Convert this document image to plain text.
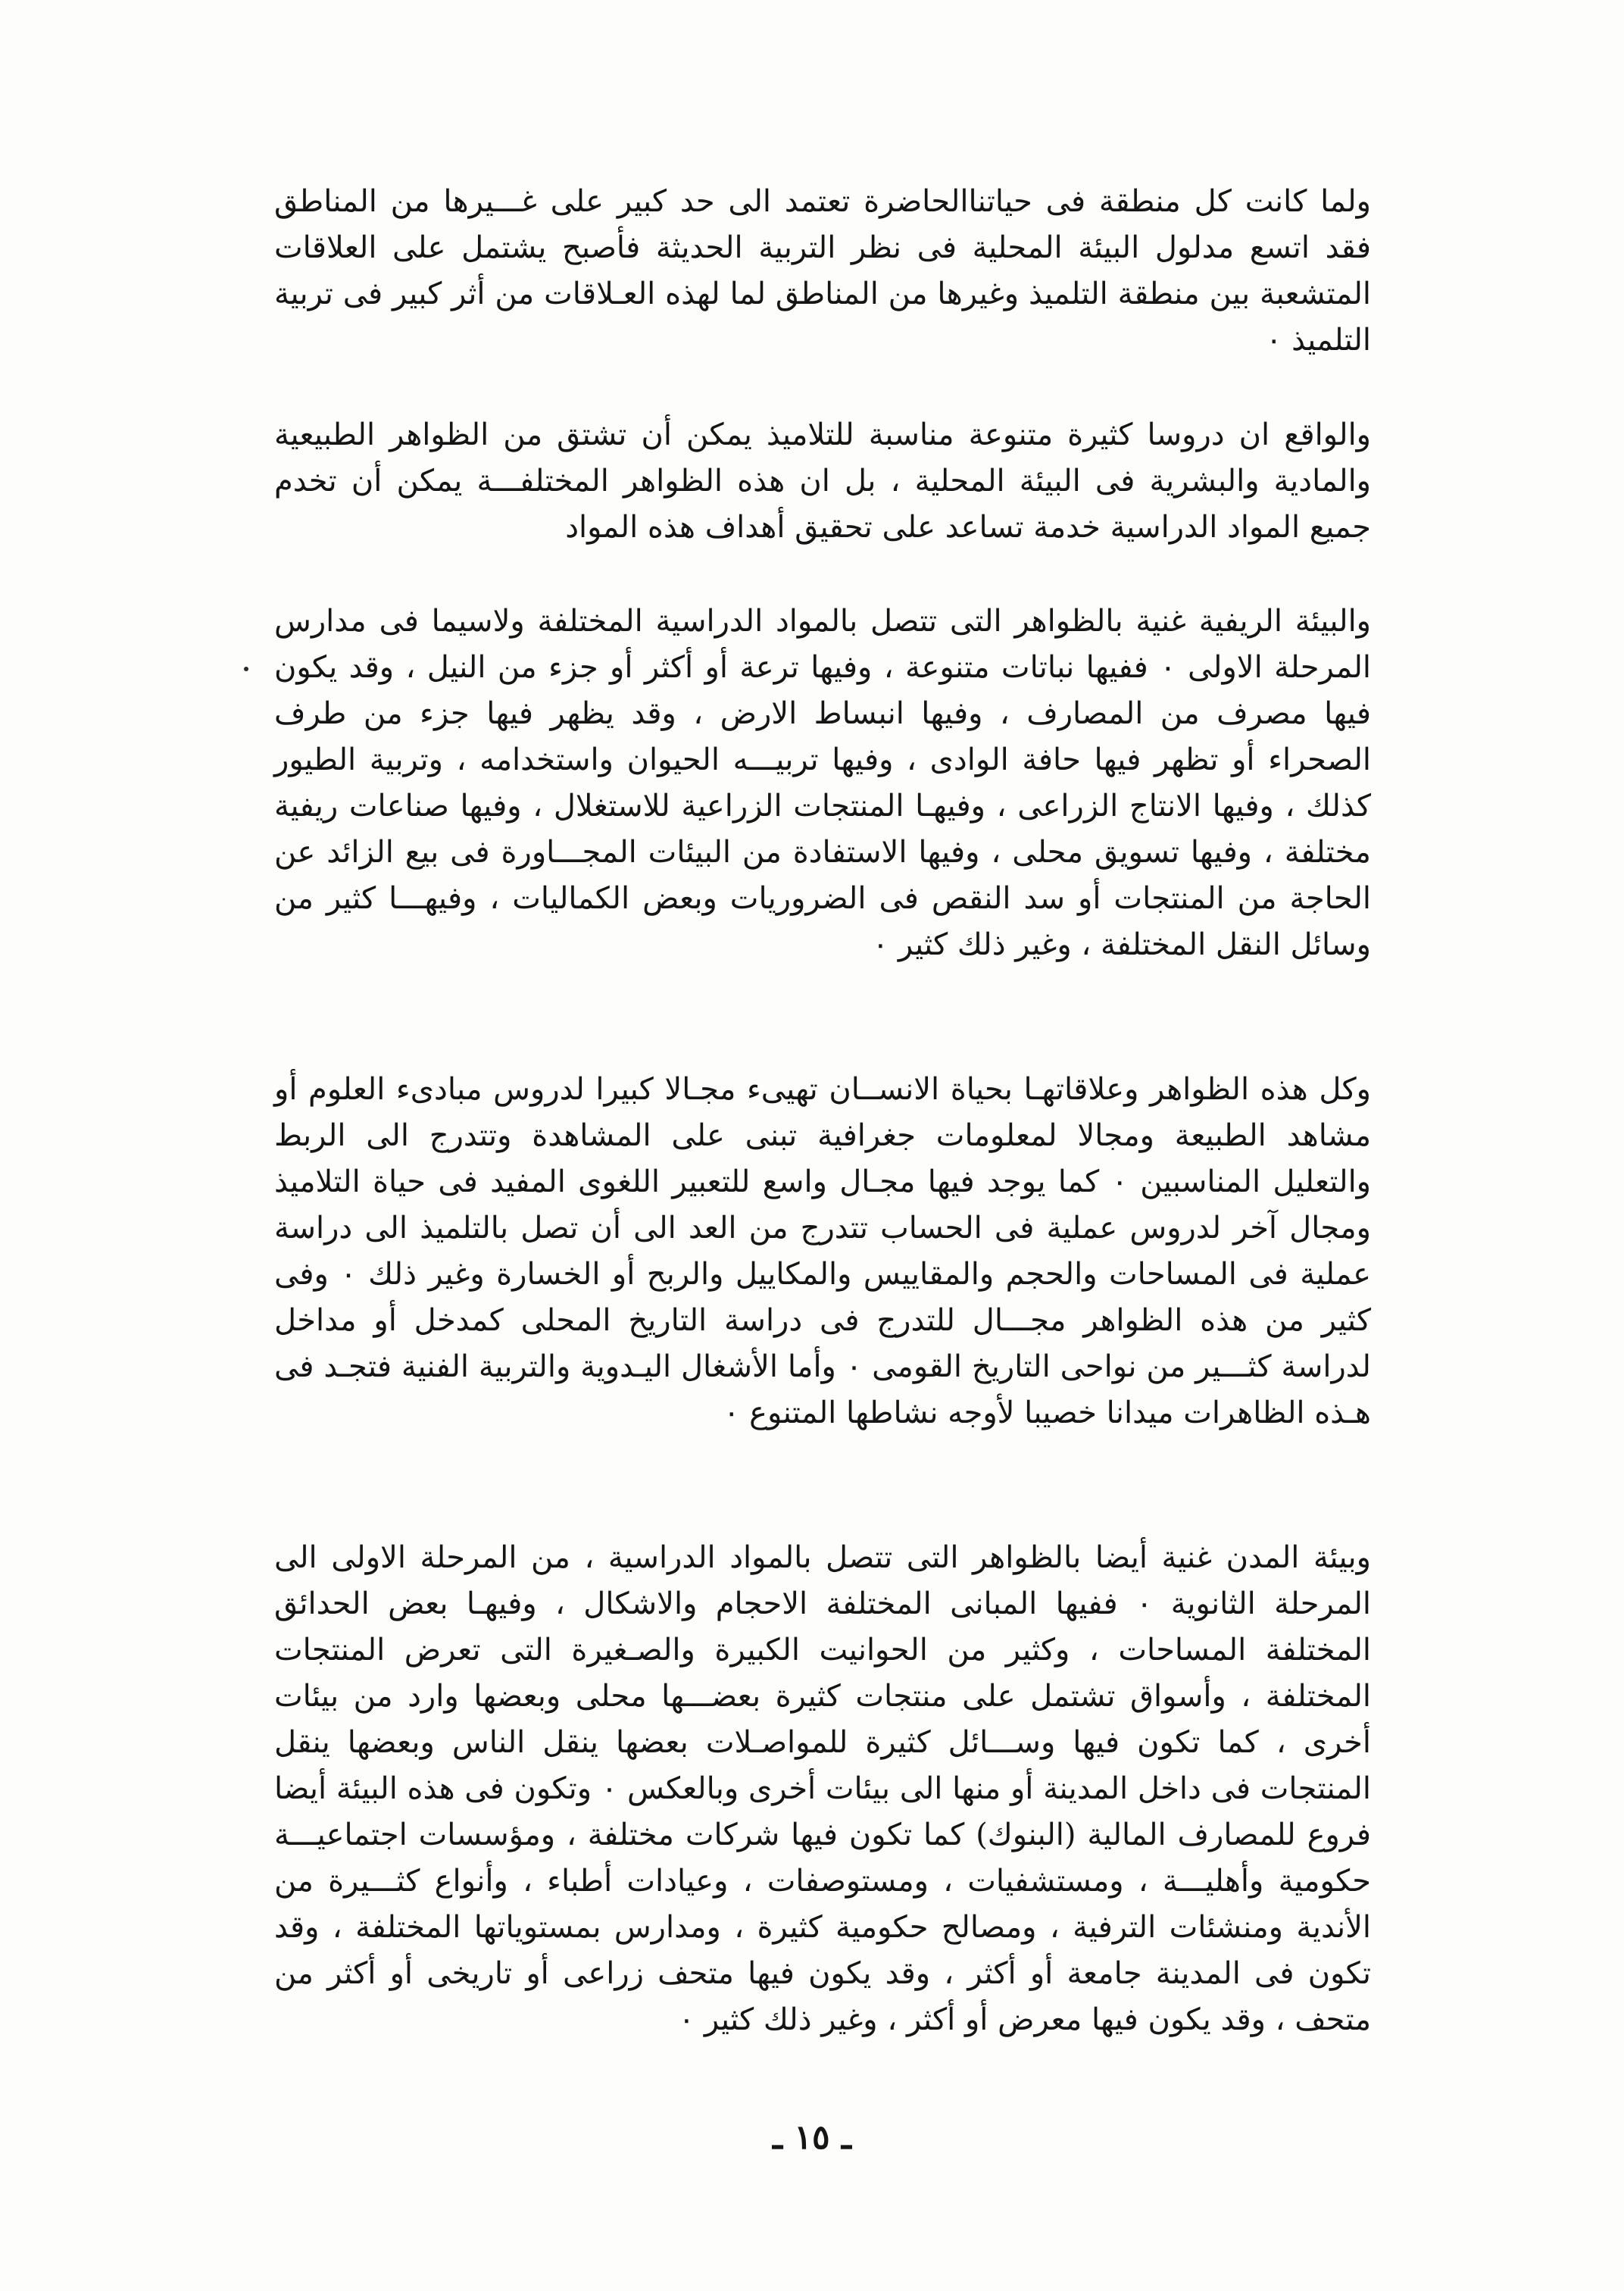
ولما كانت كل منطقة فى حياتناالحاضرة تعتمد الى حد كبير على غـــيرها من المناطق فقد اتسع مدلول البيئة المحلية فى نظر التربية الحديثة فأصبح يشتمل على العلاقات المتشعبة بين منطقة التلميذ وغيرها من المناطق لما لهذه العـلاقات من أثر كبير فى تربية التلميذ ٠
والواقع ان دروسا كثيرة متنوعة مناسبة للتلاميذ يمكن أن تشتق من الظواهر الطبيعية والمادية والبشرية فى البيئة المحلية ، بل ان هذه الظواهر المختلفـــة يمكن أن تخدم جميع المواد الدراسية خدمة تساعد على تحقيق أهداف هذه المواد
والبيئة الريفية غنية بالظواهر التى تتصل بالمواد الدراسية المختلفة ولاسيما فى مدارس المرحلة الاولى ٠ ففيها نباتات متنوعة ، وفيها ترعة أو أكثر أو جزء من النيل ، وقد يكون فيها مصرف من المصارف ، وفيها انبساط الارض ، وقد يظهر فيها جزء من طرف الصحراء أو تظهر فيها حافة الوادى ، وفيها تربيـــه الحيوان واستخدامه ، وتربية الطيور كذلك ، وفيها الانتاج الزراعى ، وفيهـا المنتجات الزراعية للاستغلال ، وفيها صناعات ريفية مختلفة ، وفيها تسويق محلى ، وفيها الاستفادة من البيئات المجـــاورة فى بيع الزائد عن الحاجة من المنتجات أو سد النقص فى الضروريات وبعض الكماليات ، وفيهـــا كثير من وسائل النقل المختلفة ، وغير ذلك كثير ٠
وكل هذه الظواهر وعلاقاتهـا بحياة الانســان تهيىء مجـالا كبيرا لدروس مبادىء العلوم أو مشاهد الطبيعة ومجالا لمعلومات جغرافية تبنى على المشاهدة وتتدرج الى الربط والتعليل المناسبين ٠ كما يوجد فيها مجـال واسع للتعبير اللغوى المفيد فى حياة التلاميذ ومجال آخر لدروس عملية فى الحساب تتدرج من العد الى أن تصل بالتلميذ الى دراسة عملية فى المساحات والحجم والمقاييس والمكاييل والربح أو الخسارة وغير ذلك ٠ وفى كثير من هذه الظواهر مجـــال للتدرج فى دراسة التاريخ المحلى كمدخل أو مداخل لدراسة كثـــير من نواحى التاريخ القومى ٠ وأما الأشغال اليـدوية والتربية الفنية فتجـد فى هـذه الظاهرات ميدانا خصيبا لأوجه نشاطها المتنوع ٠
وبيئة المدن غنية أيضا بالظواهر التى تتصل بالمواد الدراسية ، من المرحلة الاولى الى المرحلة الثانوية ٠ ففيها المبانى المختلفة الاحجام والاشكال ، وفيهـا بعض الحدائق المختلفة المساحات ، وكثير من الحوانيت الكبيرة والصـغيرة التى تعرض المنتجات المختلفة ، وأسواق تشتمل على منتجات كثيرة بعضـــها محلى وبعضها وارد من بيئات أخرى ، كما تكون فيها وســـائل كثيرة للمواصـلات بعضها ينقل الناس وبعضها ينقل المنتجات فى داخل المدينة أو منها الى بيئات أخرى وبالعكس ٠ وتكون فى هذه البيئة أيضا فروع للمصارف المالية (البنوك) كما تكون فيها شركات مختلفة ، ومؤسسات اجتماعيـــة حكومية وأهليـــة ، ومستشفيات ، ومستوصفات ، وعيادات أطباء ، وأنواع كثـــيرة من الأندية ومنشئات الترفية ، ومصالح حكومية كثيرة ، ومدارس بمستوياتها المختلفة ، وقد تكون فى المدينة جامعة أو أكثر ، وقد يكون فيها متحف زراعى أو تاريخى أو أكثر من متحف ، وقد يكون فيها معرض أو أكثر ، وغير ذلك كثير ٠
ـ ١٥ ـ
